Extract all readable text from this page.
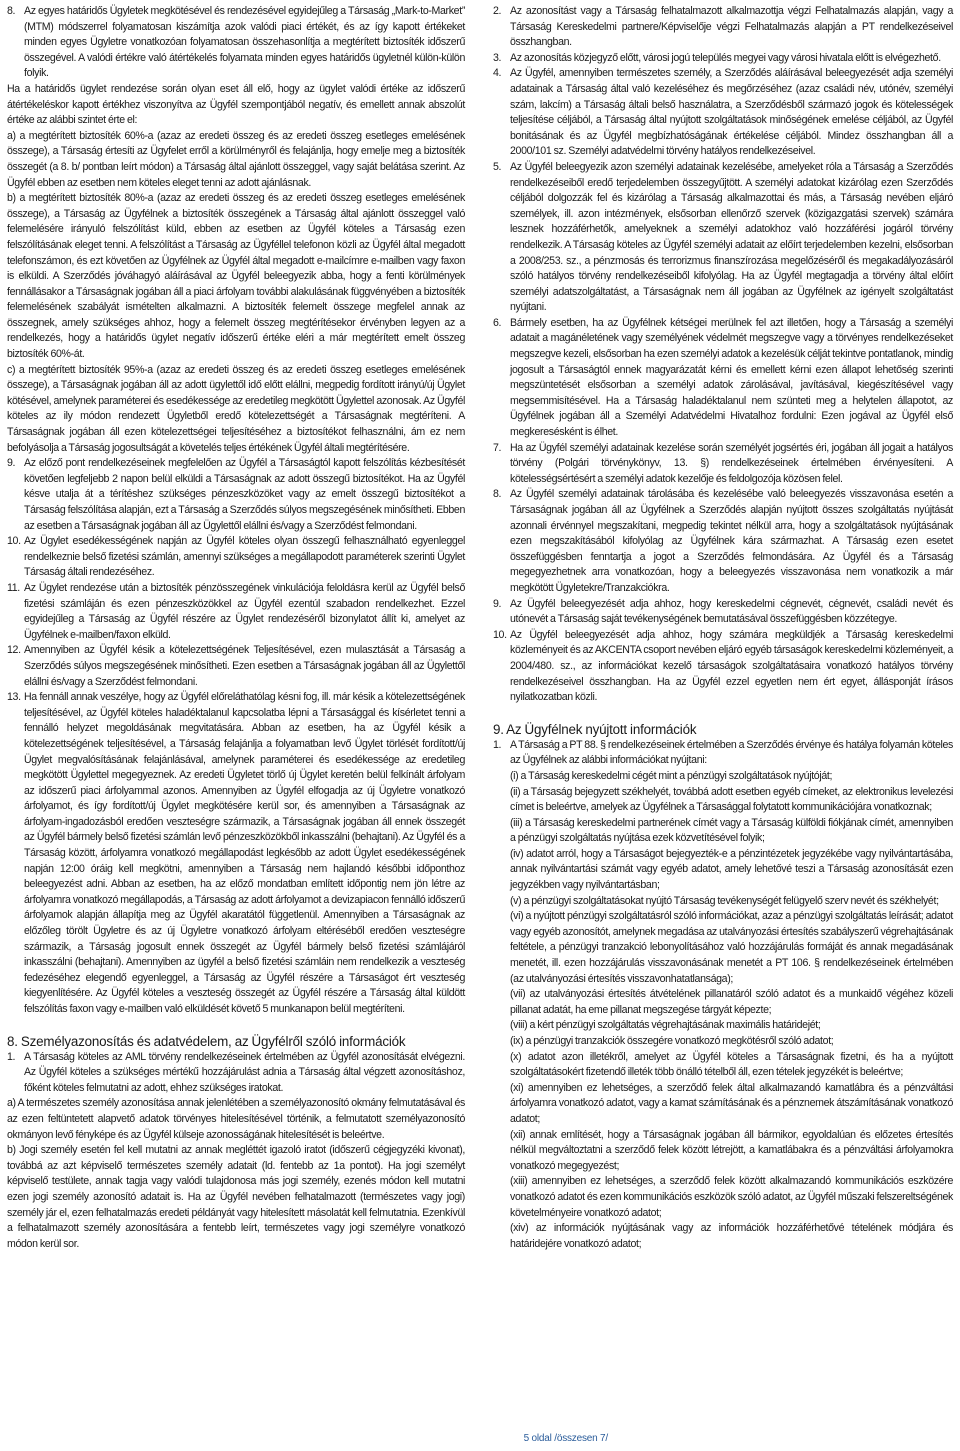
8. Az egyes határidős Ügyletek megkötésével és rendezésével egyidejűleg a Társaság „Mark-to-Market” (MTM) módszerrel folyamatosan kiszámítja azok valódi piaci értékét, és az így kapott értékeket minden egyes Ügyletre vonatkozóan folyamatosan összehasonlítja a megtérített biztosíték időszerű összegével. A valódi értékre való átértékelés folyamata minden egyes határidős ügyletnél külön-külön folyik.

Ha a határidős ügylet rendezése során olyan eset áll elő, hogy az ügylet valódi értéke az időszerű átértékeléskor kapott értékhez viszonyítva az Ügyfél szempontjából negatív, és emellett annak abszolút értéke az alábbi szintet érte el:

a) a megtérített biztosíték 60%-a (azaz az eredeti összeg és az eredeti összeg esetleges emelésének összege), a Társaság értesíti az Ügyfelet erről a körülményről és felajánlja, hogy emelje meg a biztosíték összegét (a 8. b/ pontban leírt módon) a Társaság által ajánlott összeggel, vagy saját belátása szerint. Az Ügyfél ebben az esetben nem köteles eleget tenni az adott ajánlásnak.

b) a megtérített biztosíték 80%-a (azaz az eredeti összeg és az eredeti összeg esetleges emelésének összege), a Társaság az Ügyfélnek a biztosíték összegének a Társaság által ajánlott összeggel való felemelésére irányuló felszólítást küld, ebben az esetben az Ügyfél köteles a Társaság ezen felszólításának eleget tenni. A felszólítást a Társaság az Ügyféllel telefonon közli az Ügyfél által megadott telefonszámon, és ezt követően az Ügyfélnek az Ügyfél által megadott e-mailcímre e-mailben vagy faxon is elküldi. A Szerződés jóváhagyó aláírásával az Ügyfél beleegyezik abba, hogy a fenti körülmények fennállásakor a Társaságnak jogában áll a piaci árfolyam további alakulásának függvényében a biztosíték felemelésének szabályát ismételten alkalmazni. A biztosíték felemelt összege megfelel annak az összegnek, amely szükséges ahhoz, hogy a felemelt összeg megtérítésekor érvényben legyen az a rendelkezés, hogy a határidős ügylet negatív időszerű értéke eléri a már megtérített emelt összeg biztosíték 60%-át.

c) a megtérített biztosíték 95%-a (azaz az eredeti összeg és az eredeti összeg esetleges emelésének összege), a Társaságnak jogában áll az adott ügylettől idő előtt elállni, megpedig fordított irányú/új Ügylet kötésével, amelynek paraméterei és esedékessége az eredetileg megkötött Ügylettel azonosak. Az Ügyfél köteles az ily módon rendezett Ügyletből eredő kötelezettségét a Társaságnak megtéríteni. A Társaságnak jogában áll ezen kötelezettségei teljesítéséhez a biztosítékot felhasználni, ám ez nem befolyásolja a Társaság jogosultságát a követelés teljes értékének Ügyfél általi megtérítésére.

9. Az előző pont rendelkezéseinek megfelelően az Ügyfél a Társaságtól kapott felszólítás kézbesítését követően legfeljebb 2 napon belül elküldi a Társaságnak az adott összegű biztosítékot. Ha az Ügyfél késve utalja át a térítéshez szükséges pénzeszközöket vagy az emelt összegű biztosítékot a Társaság felszólítása alapján, ezt a Társaság a Szerződés súlyos megszegésének minősítheti. Ebben az esetben a Társaságnak jogában áll az Ügylettől elállni és/vagy a Szerződést felmondani.
10. Az Ügylet esedékességének napján az Ügyfél köteles olyan összegű felhasználható egyenleggel rendelkeznie belső fizetési számlán, amennyi szükséges a megállapodott paraméterek szerinti Ügylet Társaság általi rendezéséhez.
11. Az Ügylet rendezése után a biztosíték pénzösszegének vinkulációja feloldásra kerül az Ügyfél belső fizetési számláján és ezen pénzeszközökkel az Ügyfél ezentúl szabadon rendelkezhet. Ezzel egyidejűleg a Társaság az Ügyfél részére az Ügylet rendezéséről bizonylatot állít ki, amelyet az Ügyfélnek e-mailben/faxon elküld.
12. Amennyiben az Ügyfél késik a kötelezettségének Teljesítésével, ezen mulasztását a Társaság a Szerződés súlyos megszegésének minősítheti. Ezen esetben a Társaságnak jogában áll az Ügylettől elállni és/vagy a Szerződést felmondani.
13. Ha fennáll annak veszélye, hogy az Ügyfél előreláthatólag késni fog, ill. már késik a kötelezettségének teljesítésével, az Ügyfél köteles haladéktalanul kapcsolatba lépni a Társasággal és kísérletet tenni a fennálló helyzet megoldásának megvitatására. Abban az esetben, ha az Ügyfél késik a kötelezettségének teljesítésével, a Társaság felajánlja a folyamatban levő Ügylet törlését fordított/új Ügylet megvalósításának felajánlásával, amelynek paraméterei és esedékessége az eredetileg megkötött Ügylettel megegyeznek. Az eredeti Ügyletet törlő új Ügylet keretén belül felkínált árfolyam az időszerű piaci árfolyammal azonos. Amennyiben az Ügyfél elfogadja az új Ügyletre vonatkozó árfolyamot, és így fordított/új Ügylet megkötésére kerül sor, és amennyiben a Társaságnak az árfolyam-ingadozásból eredően veszteségre származik, a Társaságnak jogában áll ennek összegét az Ügyfél bármely belső fizetési számlán levő pénzeszközökből inkasszálni (behajtani). Az Ügyfél és a Társaság között, árfolyamra vonatkozó megállapodást legkésőbb az adott Ügylet esedékességének napján 12:00 óráig kell megkötni, amennyiben a Társaság nem hajlandó későbbi időponthoz beleegyezést adni. Abban az esetben, ha az előző mondatban említett időpontig nem jön létre az árfolyamra vonatkozó megállapodás, a Társaság az adott árfolyamot a devizapiacon fennálló időszerű árfolyamok alapján állapítja meg az Ügyfél akaratától függetlenül. Amennyiben a Társaságnak az előzőleg törölt Ügyletre és az új Ügyletre vonatkozó árfolyam eltéréséből eredően veszteségre származik, a Társaság jogosult ennek összegét az Ügyfél bármely belső fizetési számlájáról inkasszálni (behajtani). Amennyiben az ügyfél a belső fizetési számláin nem rendelkezik a veszteség fedezéséhez elegendő egyenleggel, a Társaság az Ügyfél részére a Társaságot ért veszteség kiegyenlítésére. Az Ügyfél köteles a veszteség összegét az Ügyfél részére a Társaság által küldött felszólítás faxon vagy e-mailben való elküldését követő 5 munkanapon belül megtéríteni.
8. Személyazonosítás és adatvédelem, az Ügyfélről szóló információk
1. A Társaság köteles az AML törvény rendelkezéseinek értelmében az Ügyfél azonosítását elvégezni. Az Ügyfél köteles a szükséges mértékű hozzájárulást adnia a Társaság által végzett azonosításhoz, főként köteles felmutatni az adott, ehhez szükséges iratokat.

a) A természetes személy azonosítása annak jelenlétében a személyazonosító okmány felmutatásával és az ezen feltüntetett alapvető adatok törvényes hitelesítésével történik, a felmutatott személyazonosító okmányon levő fényképe és az Ügyfél külseje azonosságának hitelesítését is beleértve.

b) Jogi személy esetén fel kell mutatni az annak megléttét igazoló iratot (időszerű cégjegyzéki kivonat), továbbá az azt képviselő természetes személy adatait (ld. fentebb az 1a pontot). Ha jogi személyt képviselő testülete, annak tagja vagy valódi tulajdonosa más jogi személy, ezenés módon kell mutatni ezen jogi személy azonosító adatait is. Ha az Ügyfél nevében felhatalmazott (természetes vagy jogi) személy jár el, ezen felhatalmazás eredeti példányát vagy hitelesített másolatát kell felmutatnia. Ezenkívül a felhatalmazott személy azonosítására a fentebb leírt, természetes vagy jogi személyre vonatkozó módon kerül sor.

2. Az azonosítást vagy a Társaság felhatalmazott alkalmazottja végzi Felhatalmazás alapján, vagy a Társaság Kereskedelmi partnere/Képviselője végzi Felhatalmazás alapján a PT rendelkezéseivel összhangban.
3. Az azonosítás közjegyző előtt, városi jogú település megyei vagy városi hivatala előtt is elvégezhető.
4. Az Ügyfél, amennyiben természetes személy, a Szerződés aláírásával beleegyezését adja személyi adatainak a Társaság által való kezeléséhez és megőrzéséhez (azaz családi név, utónév, személyi szám, lakcím) a Társaság általi belső használatra, a Szerződésből származó jogok és kötelességek teljesítése céljából, a Társaság által nyújtott szolgáltatások minőségének emelése céljából, az Ügyfél bonitásának és az Ügyfél megbízhatóságának értékelése céljából. Mindez összhangban áll a 2000/101 sz. Személyi adatvédelmi törvény hatályos rendelkezéseivel.
5. Az Ügyfél beleegyezik azon személyi adatainak kezelésébe, amelyeket róla a Társaság a Szerződés rendelkezéseiből eredő terjedelemben összegyűjtött. A személyi adatokat kizárólag ezen Szerződés céljából dolgozzák fel és kizárólag a Társaság alkalmazottai és más, a Társaság nevében eljáró személyek, ill. azon intézmények, elsősorban ellenőrző szervek (közigazgatási szervek) számára lesznek hozzáférhetők, amelyeknek a személyi adatokhoz való hozzáférési jogáról törvény rendelkezik. A Társaság köteles az Ügyfél személyi adatait az előírt terjedelemben kezelni, elsősorban a 2008/253. sz., a pénzmosás és terrorizmus finanszírozása megelőzéséről és megakadályozásáról szóló hatályos törvény rendelkezéseiből kifolyólag. Ha az Ügyfél megtagadja a törvény által előírt személyi adatszolgáltatást, a Társaságnak nem áll jogában az Ügyfélnek az igényelt szolgáltatást nyújtani.
6. Bármely esetben, ha az Ügyfélnek kétségei merülnek fel azt illetően, hogy a Társaság a személyi adatait a magánéletének vagy személyének védelmét megszegve vagy a törvényes rendelkezéseket megszegve kezeli, elsősorban ha ezen személyi adatok a kezelésük célját tekintve pontatlanok, mindig jogosult a Társaságtól ennek magyarázatát kérni és emellett kérni ezen állapot lehetőség szerinti megszüntetését elsősorban a személyi adatok zárolásával, javításával, kiegészítésével vagy megsemmisítésével. Ha a Társaság haladéktalanul nem szünteti meg a helytelen állapotot, az Ügyfélnek jogában áll a Személyi Adatvédelmi Hivatalhoz fordulni: Ezen jogával az Ügyfél első megkeresésként is élhet.
7. Ha az Ügyfél személyi adatainak kezelése során személyét jogsértés éri, jogában áll jogait a hatályos törvény (Polgári törvénykönyv, 13. §) rendelkezéseinek értelmében érvényesíteni. A kötelességsértésért a személyi adatok kezelője és feldolgozója közösen felel.
8. Az Ügyfél személyi adatainak tárolásába és kezelésébe való beleegyezés visszavonása esetén a Társaságnak jogában áll az Ügyfélnek a Szerződés alapján nyújtott összes szolgáltatás nyújtását azonnali érvénnyel megszakítani, megpedig tekintet nélkül arra, hogy a szolgáltatások nyújtásának ezen megszakításából kifolyólag az Ügyfélnek kára származhat. A Társaság ezen esetet összefüggésben fenntartja a jogot a Szerződés felmondására. Az Ügyfél és a Társaság megegyezhetnek arra vonatkozóan, hogy a beleegyezés visszavonása nem vonatkozik a már megkötött Ügyletekre/Tranzakciókra.
9. Az Ügyfél beleegyezését adja ahhoz, hogy kereskedelmi cégnevét, cégnevét, családi nevét és utónevét a Társaság saját tevékenységének bemutatásával összefüggésben közzétegye.
10. Az Ügyfél beleegyezését adja ahhoz, hogy számára megküldjék a Társaság kereskedelmi közleményeit és az AKCENTA csoport nevében eljáró egyéb társaságok kereskedelmi közleményeit, a 2004/480. sz., az információkat kezelő társaságok szolgáltatásaira vonatkozó hatályos törvény rendelkezéseivel összhangban. Ha az Ügyfél ezzel egyetlen nem ért egyet, állásponját írásos nyilatkozatban közli.
9. Az Ügyfélnek nyújtott információk
1. A Társaság a PT 88. § rendelkezéseinek értelmében a Szerződés érvénye és hatálya folyamán köteles az Ügyfélnek az alábbi információkat nyújtani:

(i) a Társaság kereskedelmi cégét mint a pénzügyi szolgáltatások nyújtóját;

(ii) a Társaság bejegyzett székhelyét, továbbá adott esetben egyéb címeket, az elektronikus levelezési címet is beleértve, amelyek az Ügyfélnek a Társasággal folytatott kommunikációjára vonatkoznak;

(iii) a Társaság kereskedelmi partnerének címét vagy a Társaság külföldi fiókjának címét, amennyiben a pénzügyi szolgáltatás nyújtása ezek közvetítésével folyik;

(iv) adatot arról, hogy a Társaságot bejegyezték-e a pénzintézetek jegyzékébe vagy nyilvántartásába, annak nyilvántartási számát vagy egyéb adatot, amely lehetővé teszi a Társaság azonosítását ezen jegyzékben vagy nyilvántartásban;

(v) a pénzügyi szolgáltatásokat nyújtó Társaság tevékenységét felügyelő szerv nevét és székhelyét;

(vi) a nyújtott pénzügyi szolgáltatásról szóló információkat, azaz a pénzügyi szolgáltatás leírását; adatot vagy egyéb azonosítót, amelynek megadása az utalványozási értesítés szabályszerű végrehajtásának feltétele, a pénzügyi tranzakció lebonyolításához való hozzájárulás formáját és annak megadásának menetét, ill. ezen hozzájárulás visszavonásának menetét a PT 106. § rendelkezéseinek értelmében (az utalványozási értesítés visszavonhatatlansága);

(vii) az utalványozási értesítés átvételének pillanatáról szóló adatot és a munkaidő végéhez közeli pillanat adatát, ha eme pillanat megszegése tárgyát képezte;

(viii) a kért pénzügyi szolgáltatás végrehajtásának maximális határidejét;

(ix) a pénzügyi tranzakciók összegére vonatkozó megkötésről szóló adatot;

(x) adatot azon illetékről, amelyet az Ügyfél köteles a Társaságnak fizetni, és ha a nyújtott szolgáltatásokért fizetendő illeték több önálló tételből áll, ezen tételek jegyzékét is beleértve;

(xi) amennyiben ez lehetséges, a szerződő felek által alkalmazandó kamatlábra és a pénzváltási árfolyamra vonatkozó adatot, vagy a kamat számításának és a pénznemek átszámításának vonatkozó adatot;

(xii) annak említését, hogy a Társaságnak jogában áll bármikor, egyoldalúan és előzetes értesítés nélkül megváltoztatni a szerződő felek között létrejött, a kamatlábakra és a pénzváltási árfolyamokra vonatkozó megegyezést;

(xiii) amennyiben ez lehetséges, a szerződő felek között alkalmazandó kommunikációs eszközére vonatkozó adatot és ezen kommunikációs eszközök szóló adatot, az Ügyfél műszaki felszereltségének követelményeire vonatkozó adatot;

(xiv) az információk nyújtásának vagy az információk hozzáférhetővé tételének módjára és határidejére vonatkozó adatot;

5 oldal /összesen 7/
